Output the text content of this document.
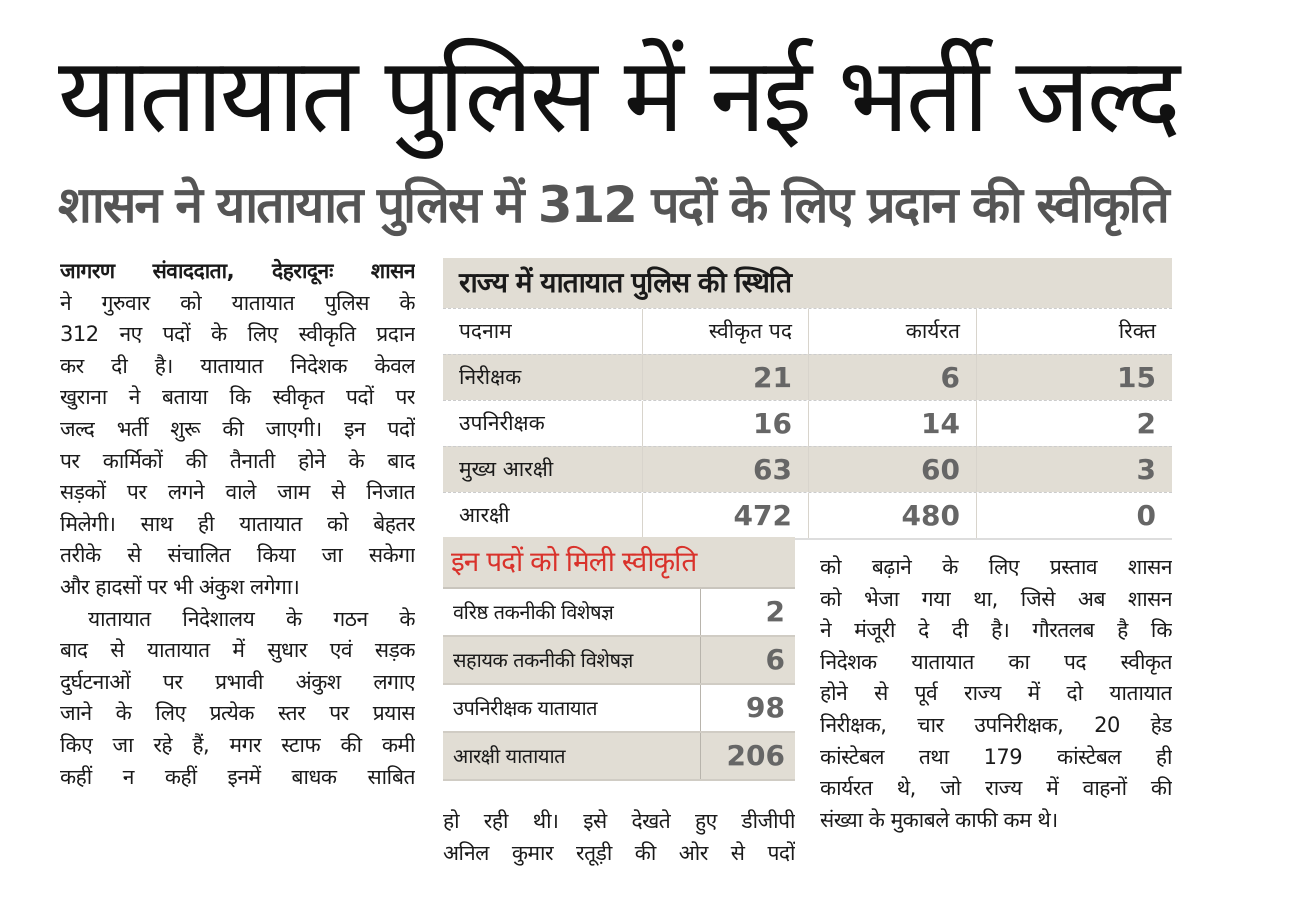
यातायात पुलिस में नई भर्ती जल्द
शासन ने यातायात पुलिस में 312 पदों के लिए प्रदान की स्वीकृति
जागरण संवाददाता, देहरादूनः शासन
ने गुरुवार को यातायात पुलिस के
312 नए पदों के लिए स्वीकृति प्रदान
कर दी है। यातायात निदेशक केवल
खुराना ने बताया कि स्वीकृत पदों पर
जल्द भर्ती शुरू की जाएगी। इन पदों
पर कार्मिकों की तैनाती होने के बाद
सड़कों पर लगने वाले जाम से निजात
मिलेगी। साथ ही यातायात को बेहतर
तरीके से संचालित किया जा सकेगा
और हादसों पर भी अंकुश लगेगा।
यातायात निदेशालय के गठन के
बाद से यातायात में सुधार एवं सड़क
दुर्घटनाओं पर प्रभावी अंकुश लगाए
जाने के लिए प्रत्येक स्तर पर प्रयास
किए जा रहे हैं, मगर स्टाफ की कमी
कहीं न कहीं इनमें बाधक साबित
राज्य में यातायात पुलिस की स्थिति
पदनाम	स्वीकृत पद	कार्यरत	रिक्त
निरीक्षक	21	6	15
उपनिरीक्षक	16	14	2
मुख्य आरक्षी	63	60	3
आरक्षी	472	480	0
इन पदों को मिली स्वीकृति
वरिष्ठ तकनीकी विशेषज्ञ	2
सहायक तकनीकी विशेषज्ञ	6
उपनिरीक्षक यातायात	98
आरक्षी यातायात	206
हो रही थी। इसे देखते हुए डीजीपी
अनिल कुमार रतूड़ी की ओर से पदों
को बढ़ाने के लिए प्रस्ताव शासन
को भेजा गया था, जिसे अब शासन
ने मंजूरी दे दी है। गौरतलब है कि
निदेशक यातायात का पद स्वीकृत
होने से पूर्व राज्य में दो यातायात
निरीक्षक, चार उपनिरीक्षक, 20 हेड
कांस्टेबल तथा 179 कांस्टेबल ही
कार्यरत थे, जो राज्य में वाहनों की
संख्या के मुकाबले काफी कम थे।
